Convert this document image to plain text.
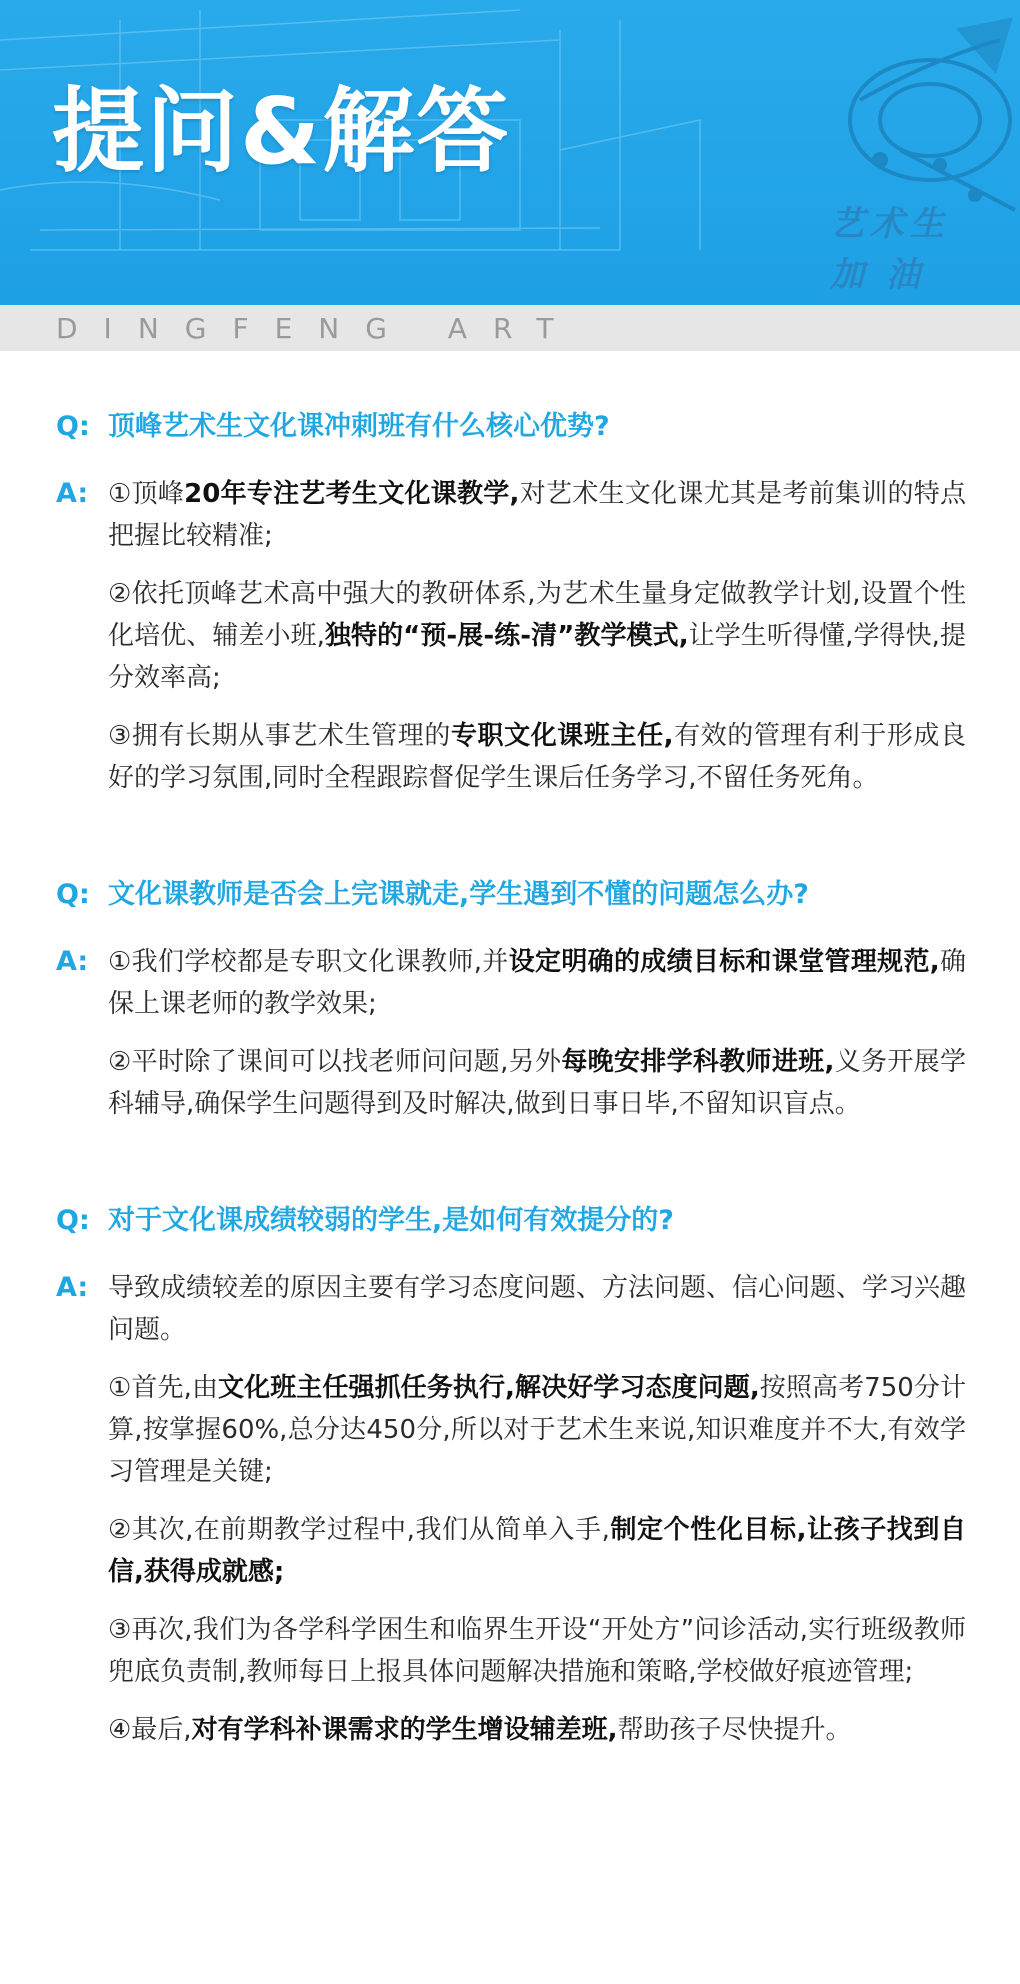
提问&解答
艺术生
加油
DINGFENG ART
Q: 顶峰艺术生文化课冲刺班有什么核心优势?
A: ①顶峰20年专注艺考生文化课教学,对艺术生文化课尤其是考前集训的特点把握比较精准;

②依托顶峰艺术高中强大的教研体系,为艺术生量身定做教学计划,设置个性化培优、辅差小班,独特的“预-展-练-清”教学模式,让学生听得懂,学得快,提分效率高;

③拥有长期从事艺术生管理的专职文化课班主任,有效的管理有利于形成良好的学习氛围,同时全程跟踪督促学生课后任务学习,不留任务死角。

Q: 文化课教师是否会上完课就走,学生遇到不懂的问题怎么办?
A: ①我们学校都是专职文化课教师,并设定明确的成绩目标和课堂管理规范,确保上课老师的教学效果;

②平时除了课间可以找老师问问题,另外每晚安排学科教师进班,义务开展学科辅导,确保学生问题得到及时解决,做到日事日毕,不留知识盲点。

Q: 对于文化课成绩较弱的学生,是如何有效提分的?
A: 导致成绩较差的原因主要有学习态度问题、方法问题、信心问题、学习兴趣问题。

①首先,由文化班主任强抓任务执行,解决好学习态度问题,按照高考750分计算,按掌握60%,总分达450分,所以对于艺术生来说,知识难度并不大,有效学习管理是关键;

②其次,在前期教学过程中,我们从简单入手,制定个性化目标,让孩子找到自信,获得成就感;

③再次,我们为各学科学困生和临界生开设“开处方”问诊活动,实行班级教师兜底负责制,教师每日上报具体问题解决措施和策略,学校做好痕迹管理;

④最后,对有学科补课需求的学生增设辅差班,帮助孩子尽快提升。
